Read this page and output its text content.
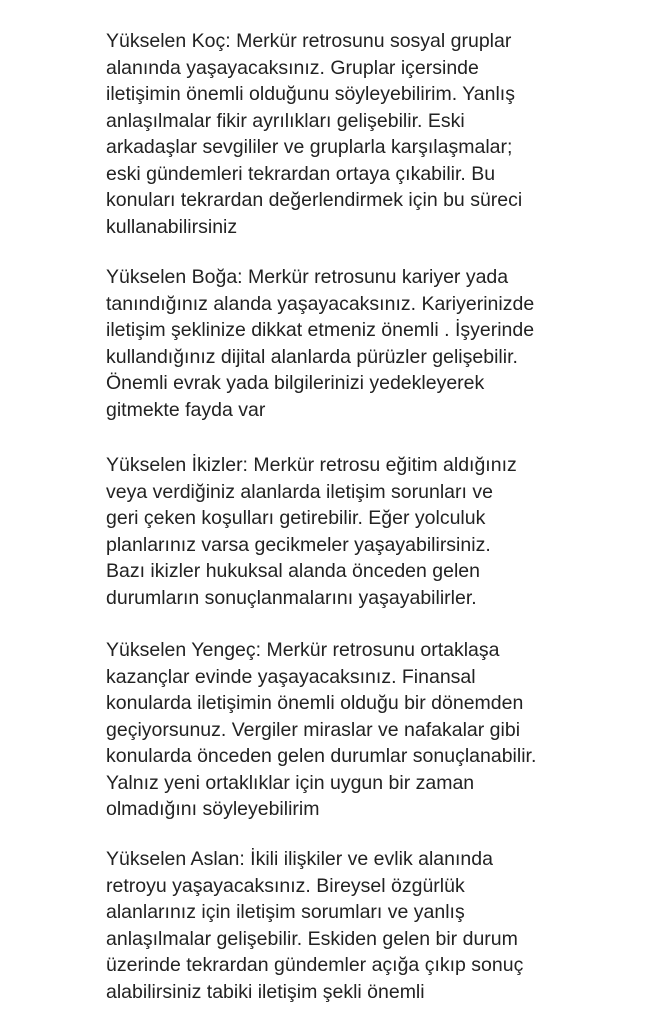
Yükselen Koç: Merkür retrosunu sosyal gruplar
alanında yaşayacaksınız. Gruplar içersinde
iletişimin önemli olduğunu söyleyebilirim. Yanlış
anlaşılmalar fikir ayrılıkları gelişebilir. Eski
arkadaşlar sevgililer ve gruplarla karşılaşmalar;
eski gündemleri tekrardan ortaya çıkabilir. Bu
konuları tekrardan değerlendirmek için bu süreci
kullanabilirsiniz

Yükselen Boğa: Merkür retrosunu kariyer yada
tanındığınız alanda yaşayacaksınız. Kariyerinizde
iletişim şeklinize dikkat etmeniz önemli . İşyerinde
kullandığınız dijital alanlarda pürüzler gelişebilir.
Önemli evrak yada bilgilerinizi yedekleyerek
gitmekte fayda var

Yükselen İkizler: Merkür retrosu eğitim aldığınız
veya verdiğiniz alanlarda iletişim sorunları ve
geri çeken koşulları getirebilir. Eğer yolculuk
planlarınız varsa gecikmeler yaşayabilirsiniz.
Bazı ikizler hukuksal alanda önceden gelen
durumların sonuçlanmalarını yaşayabilirler.

Yükselen Yengeç: Merkür retrosunu ortaklaşa
kazançlar evinde yaşayacaksınız. Finansal
konularda iletişimin önemli olduğu bir dönemden
geçiyorsunuz. Vergiler miraslar ve nafakalar gibi
konularda önceden gelen durumlar sonuçlanabilir.
Yalnız yeni ortaklıklar için uygun bir zaman
olmadığını söyleyebilirim

Yükselen Aslan: İkili ilişkiler ve evlik alanında
retroyu yaşayacaksınız. Bireysel özgürlük
alanlarınız için iletişim sorumları ve yanlış
anlaşılmalar gelişebilir. Eskiden gelen bir durum
üzerinde tekrardan gündemler açığa çıkıp sonuç
alabilirsiniz tabiki iletişim şekli önemli
